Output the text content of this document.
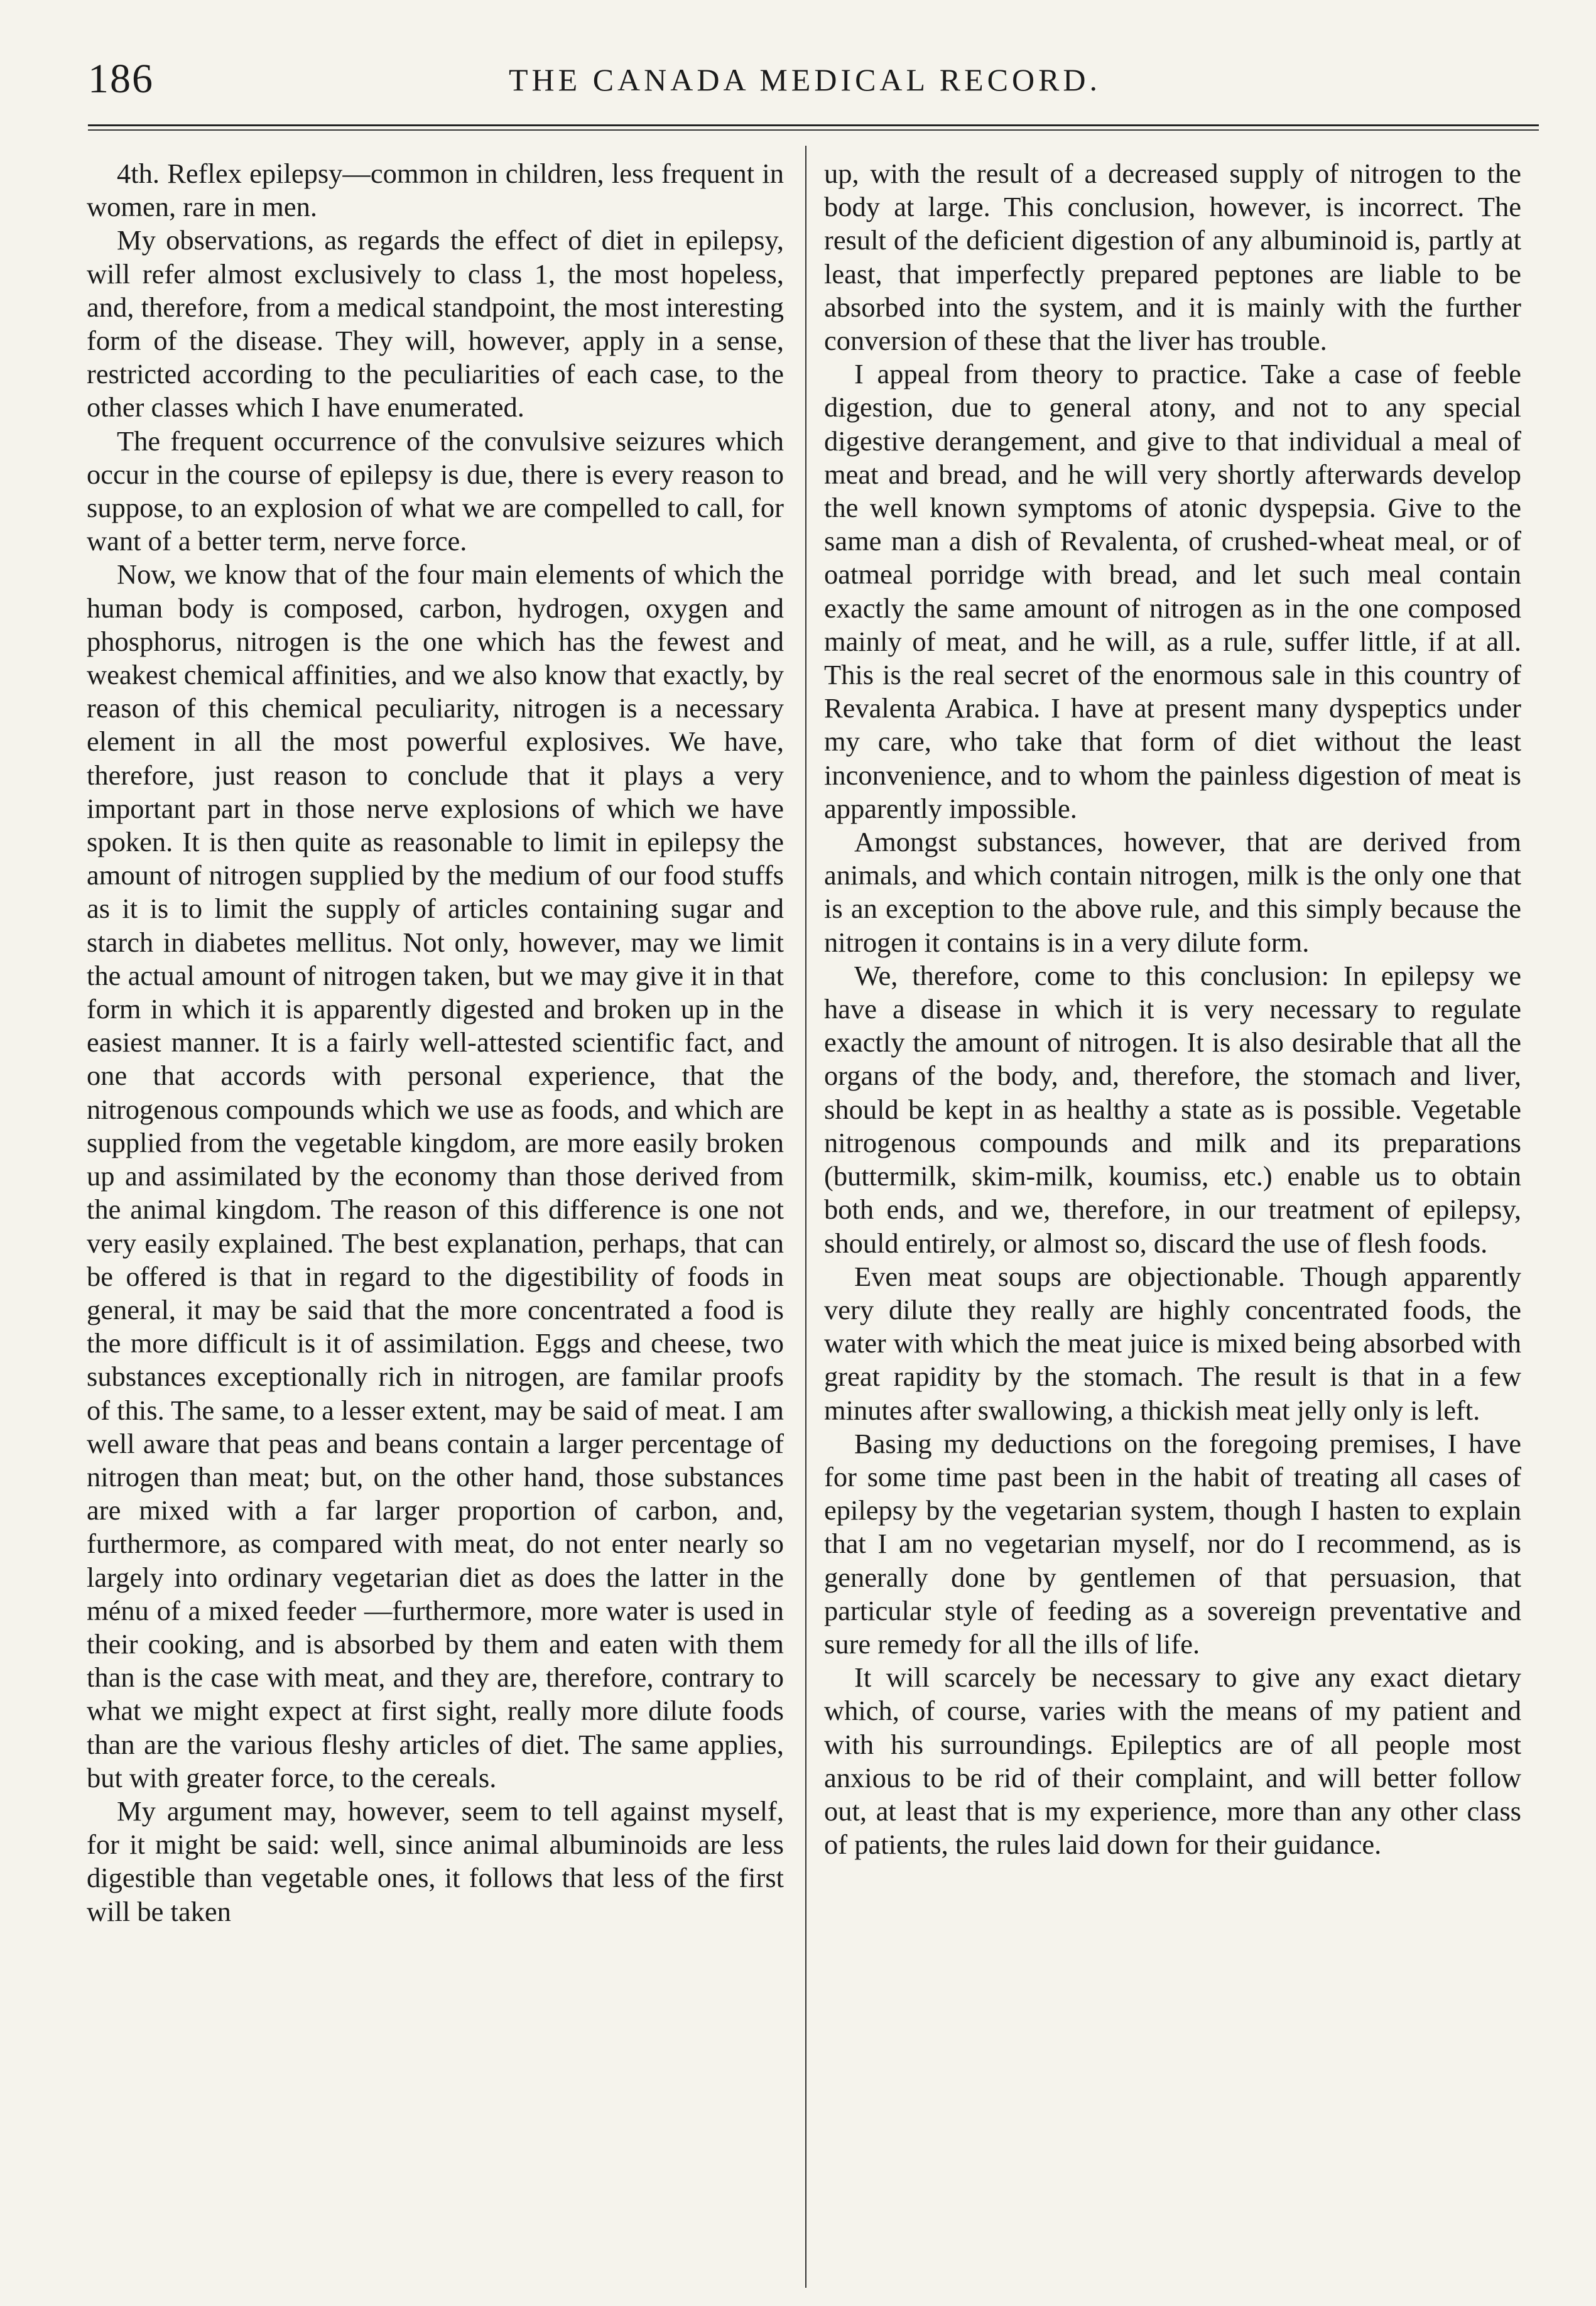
186	THE CANADA MEDICAL RECORD.

4th. Reflex epilepsy—common in children, less frequent in women, rare in men.

My observations, as regards the effect of diet in epilepsy, will refer almost exclusively to class 1, the most hopeless, and, therefore, from a medical standpoint, the most interesting form of the disease. They will, however, apply in a sense, restricted according to the peculiarities of each case, to the other classes which I have enumerated.

The frequent occurrence of the convulsive seizures which occur in the course of epilepsy is due, there is every reason to suppose, to an explosion of what we are compelled to call, for want of a better term, nerve force.

Now, we know that of the four main elements of which the human body is composed, carbon, hydrogen, oxygen and phosphorus, nitrogen is the one which has the fewest and weakest chemical affinities, and we also know that exactly, by reason of this chemical peculiarity, nitrogen is a necessary element in all the most powerful explosives. We have, therefore, just reason to conclude that it plays a very important part in those nerve explosions of which we have spoken. It is then quite as reasonable to limit in epilepsy the amount of nitrogen supplied by the medium of our food stuffs as it is to limit the supply of articles containing sugar and starch in diabetes mellitus. Not only, however, may we limit the actual amount of nitrogen taken, but we may give it in that form in which it is apparently digested and broken up in the easiest manner. It is a fairly well-attested scientific fact, and one that accords with personal experience, that the nitrogenous compounds which we use as foods, and which are supplied from the vegetable kingdom, are more easily broken up and assimilated by the economy than those derived from the animal kingdom. The reason of this difference is one not very easily explained. The best explanation, perhaps, that can be offered is that in regard to the digestibility of foods in general, it may be said that the more concentrated a food is the more difficult is it of assimilation. Eggs and cheese, two substances exceptionally rich in nitrogen, are familar proofs of this. The same, to a lesser extent, may be said of meat. I am well aware that peas and beans contain a larger percentage of nitrogen than meat; but, on the other hand, those substances are mixed with a far larger proportion of carbon, and, furthermore, as compared with meat, do not enter nearly so largely into ordinary vegetarian diet as does the latter in the ménu of a mixed feeder —furthermore, more water is used in their cooking, and is absorbed by them and eaten with them than is the case with meat, and they are, therefore, contrary to what we might expect at first sight, really more dilute foods than are the various fleshy articles of diet. The same applies, but with greater force, to the cereals.

My argument may, however, seem to tell against myself, for it might be said: well, since animal albuminoids are less digestible than vegetable ones, it follows that less of the first will be taken

up, with the result of a decreased supply of nitrogen to the body at large. This conclusion, however, is incorrect. The result of the deficient digestion of any albuminoid is, partly at least, that imperfectly prepared peptones are liable to be absorbed into the system, and it is mainly with the further conversion of these that the liver has trouble.

I appeal from theory to practice. Take a case of feeble digestion, due to general atony, and not to any special digestive derangement, and give to that individual a meal of meat and bread, and he will very shortly afterwards develop the well known symptoms of atonic dyspepsia. Give to the same man a dish of Revalenta, of crushed-wheat meal, or of oatmeal porridge with bread, and let such meal contain exactly the same amount of nitrogen as in the one composed mainly of meat, and he will, as a rule, suffer little, if at all. This is the real secret of the enormous sale in this country of Revalenta Arabica. I have at present many dyspeptics under my care, who take that form of diet without the least inconvenience, and to whom the painless digestion of meat is apparently impossible.

Amongst substances, however, that are derived from animals, and which contain nitrogen, milk is the only one that is an exception to the above rule, and this simply because the nitrogen it contains is in a very dilute form.

We, therefore, come to this conclusion: In epilepsy we have a disease in which it is very necessary to regulate exactly the amount of nitrogen. It is also desirable that all the organs of the body, and, therefore, the stomach and liver, should be kept in as healthy a state as is possible. Vegetable nitrogenous compounds and milk and its preparations (buttermilk, skim-milk, koumiss, etc.) enable us to obtain both ends, and we, therefore, in our treatment of epilepsy, should entirely, or almost so, discard the use of flesh foods.

Even meat soups are objectionable. Though apparently very dilute they really are highly concentrated foods, the water with which the meat juice is mixed being absorbed with great rapidity by the stomach. The result is that in a few minutes after swallowing, a thickish meat jelly only is left.

Basing my deductions on the foregoing premises, I have for some time past been in the habit of treating all cases of epilepsy by the vegetarian system, though I hasten to explain that I am no vegetarian myself, nor do I recommend, as is generally done by gentlemen of that persuasion, that particular style of feeding as a sovereign preventative and sure remedy for all the ills of life.

It will scarcely be necessary to give any exact dietary which, of course, varies with the means of my patient and with his surroundings. Epileptics are of all people most anxious to be rid of their complaint, and will better follow out, at least that is my experience, more than any other class of patients, the rules laid down for their guidance.
